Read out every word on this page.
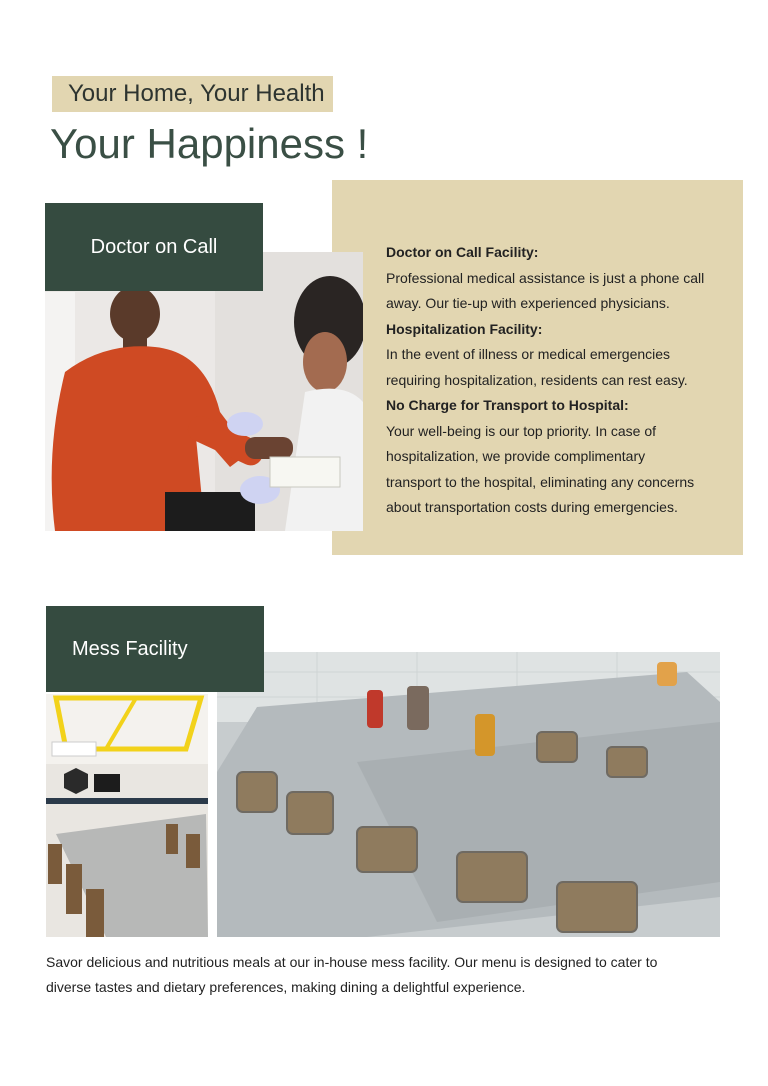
Your Home, Your Health
Your Happiness !
Doctor on Call	Doctor on Call Facility:

Professional medical assistance is just a phone call

away. Our tie-up with experienced physicians.

Hospitalization Facility:

In the event of illness or medical emergencies

requiring hospitalization, residents can rest easy.

No Charge for Transport to Hospital:

Your well-being is our top priority. In case of

hospitalization, we provide complimentary

transport to the hospital, eliminating any concerns

about transportation costs during emergencies.

Mess Facility
Savor delicious and nutritious meals at our in-house mess facility. Our menu is designed to cater to
diverse tastes and dietary preferences, making dining a delightful experience.
